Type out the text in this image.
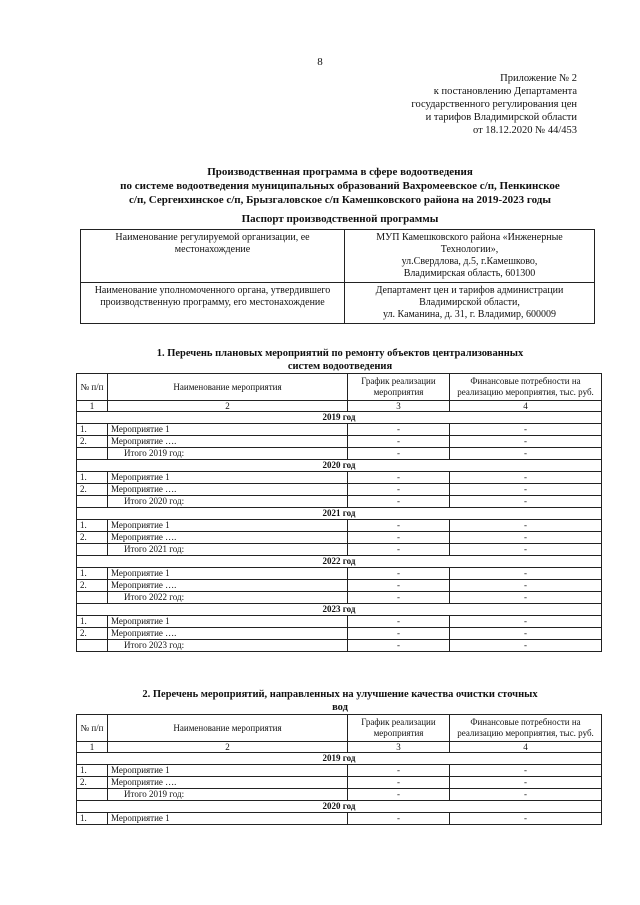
8
Приложение № 2
к постановлению Департамента
государственного регулирования цен
и тарифов Владимирской области
от 18.12.2020 № 44/453
Производственная программа в сфере водоотведения
по системе водоотведения муниципальных образований Вахромеевское с/п, Пенкинское
с/п, Сергеихинское с/п, Брызгаловское с/п Камешковского района на 2019-2023 годы
Паспорт производственной программы
Наименование регулируемой организации, ее местонахождение	МУП Камешковского района «Инженерные Технологии»,
ул.Свердлова, д.5, г.Камешково,
Владимирская область, 601300

Наименование уполномоченного органа, утвердившего производственную программу, его местонахождение	Департамент цен и тарифов администрации
Владимирской области,
ул. Каманина, д. 31, г. Владимир, 600009
1. Перечень плановых мероприятий по ремонту объектов централизованных
систем водоотведения
№ п/п	Наименование мероприятия	График реализации мероприятия	Финансовые потребности на реализацию мероприятия, тыс. руб.
1	2	3	4
2019 год			
1.	Мероприятие 1	-	-
2.	Мероприятие ….	-	-
	Итого 2019 год:	-	-
2020 год			
1.	Мероприятие 1	-	-
2.	Мероприятие ….	-	-
	Итого 2020 год:	-	-
2021 год			
1.	Мероприятие 1	-	-
2.	Мероприятие ….	-	-
	Итого 2021 год:	-	-
2022 год			
1.	Мероприятие 1	-	-
2.	Мероприятие ….	-	-
	Итого 2022 год:	-	-
2023 год			
1.	Мероприятие 1	-	-
2.	Мероприятие ….	-	-
	Итого 2023 год:	-	-
2. Перечень мероприятий, направленных на улучшение качества очистки сточных
вод
№ п/п	Наименование мероприятия	График реализации мероприятия	Финансовые потребности на реализацию мероприятия, тыс. руб.
1	2	3	4
2019 год			
1.	Мероприятие 1	-	-
2.	Мероприятие ….	-	-
	Итого 2019 год:	-	-
2020 год			
1.	Мероприятие 1	-	-
